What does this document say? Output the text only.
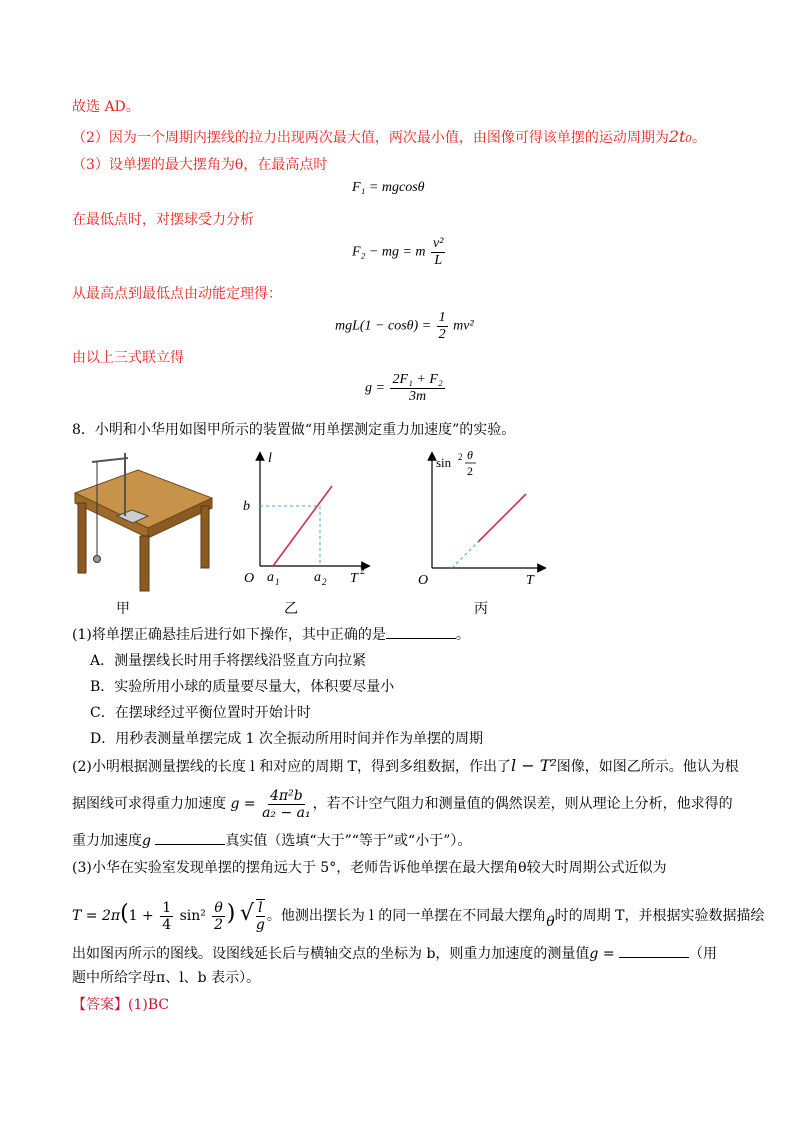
故选 AD。
（2）因为一个周期内摆线的拉力出现两次最大值，两次最小值，由图像可得该单摆的运动周期为2t₀。
（3）设单摆的最大摆角为θ，在最高点时
F₁ = mgcosθ
在最低点时，对摆球受力分析
F₂ − mg = m $\frac{\text{v²}}{L}$
从最高点到最低点由动能定理得：
$mgL(1 - \cos\theta) = \frac{1}{2} mv^2$
由以上三式联立得
$g = \frac{\text{2F₁ + F₂}}{3m}$
8．小明和小华用如图甲所示的装置做“用单摆测定重力加速度”的实验。
甲
l
b
O a 1 a 2 T 2
乙
sin 2 θ
2
O	T
丙
(1)将单摆正确悬挂后进行如下操作，其中正确的是	。
A．测量摆线长时用手将摆线沿竖直方向拉紧
B．实验所用小球的质量要尽量大，体积要尽量小
C．在摆球经过平衡位置时开始计时
D．用秒表测量单摆完成 1 次全振动所用时间并作为单摆的周期
(2)小明根据测量摆线的长度 l 和对应的周期 T，得到多组数据，作出了l − T²图像，如图乙所示。他认为根
据图线可求得重力加速度 $g = \frac{\text{4π²b}}{\text{a₂ − a₁}}$ ，若不计空气阻力和测量值的偶然误差，则从理论上分析，他求得的
重力加速度g	真实值（选填“大于”“等于”或“小于”）。
(3)小华在实验室发现单摆的摆角远大于 5°，老师告诉他单摆在最大摆角θ较大时周期公式近似为
$T = 2\pi(1 + \frac{1}{4} \sin^2 \frac{\theta}{2}$ ) √ $\frac{l}{g}$ 。他测出摆长为 l 的同一单摆在不同最大摆角θ时的周期 T，并根据实验数据描绘
出如图丙所示的图线。设图线延长后与横轴交点的坐标为 b，则重力加速度的测量值g =	（用
题中所给字母π、l、b 表示）。
【答案】(1)BC
